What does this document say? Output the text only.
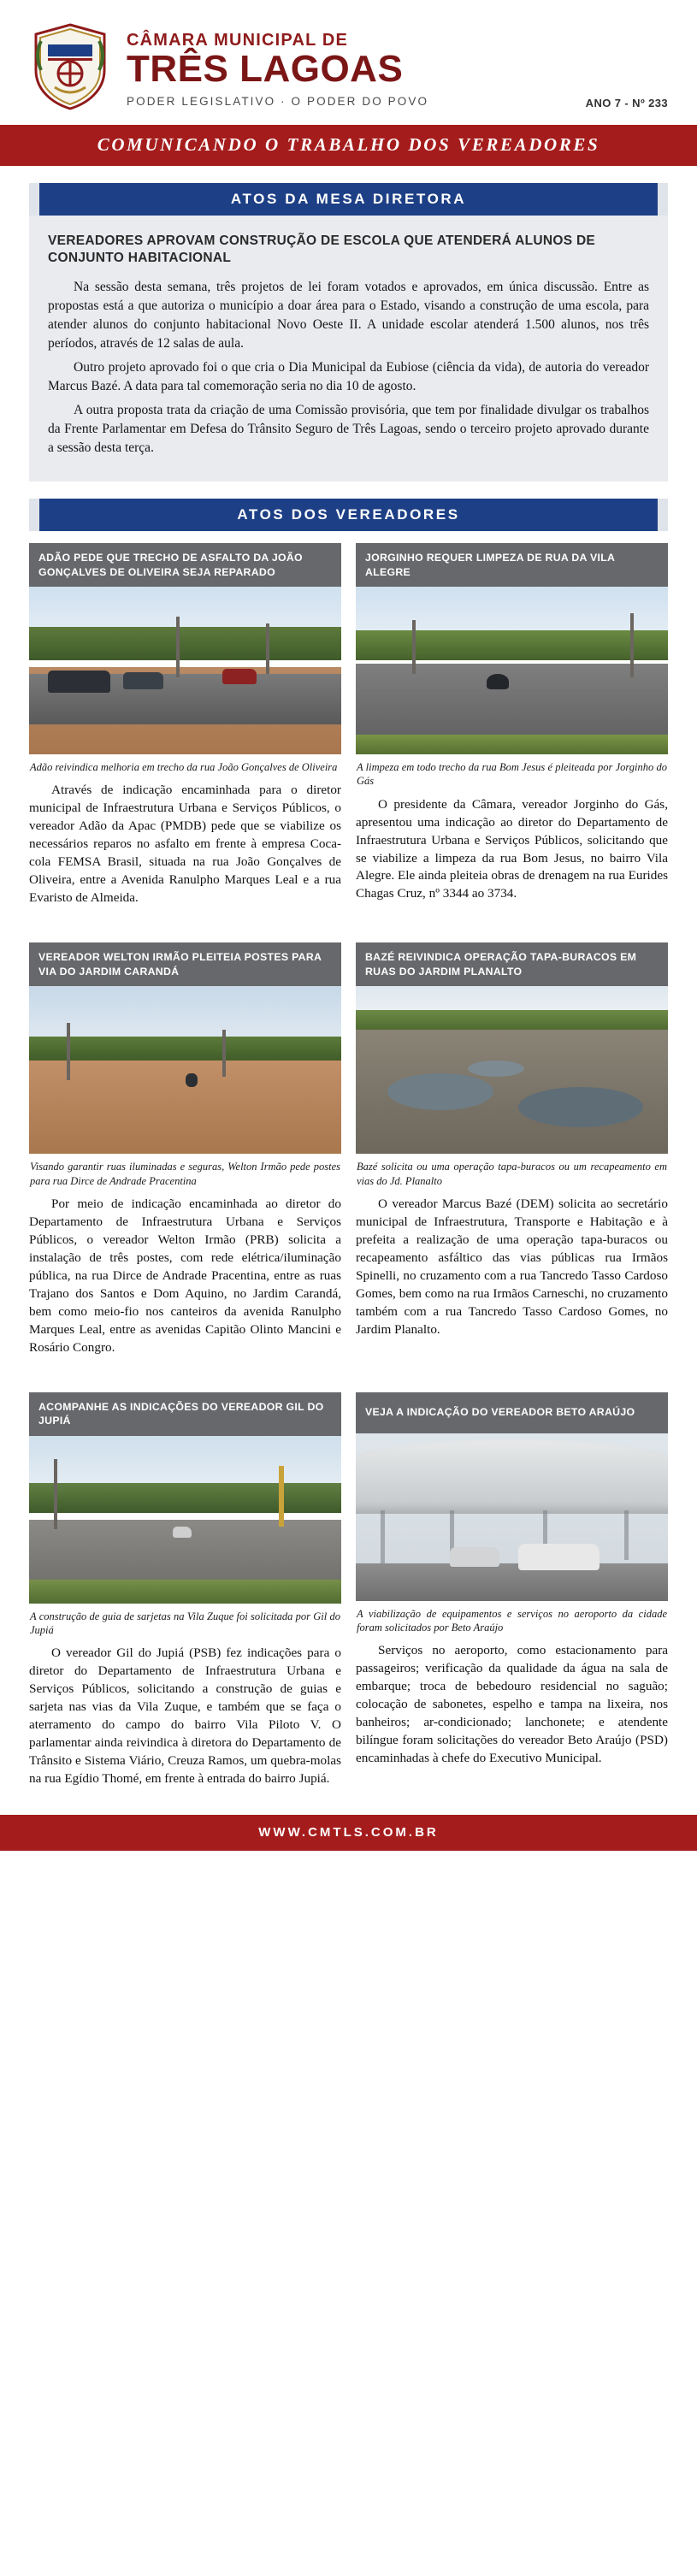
CÂMARA MUNICIPAL DE
TRÊS LAGOAS
PODER LEGISLATIVO · O PODER DO POVO	ANO 7 - Nº 233
COMUNICANDO O TRABALHO DOS VEREADORES
ATOS DA MESA DIRETORA
VEREADORES APROVAM CONSTRUÇÃO DE ESCOLA QUE ATENDERÁ ALUNOS DE CONJUNTO HABITACIONAL

Na sessão desta semana, três projetos de lei foram votados e aprovados, em única discussão. Entre as propostas está a que autoriza o município a doar área para o Estado, visando a construção de uma escola, para atender alunos do conjunto habitacional Novo Oeste II. A unidade escolar atenderá 1.500 alunos, nos três períodos, através de 12 salas de aula.

Outro projeto aprovado foi o que cria o Dia Municipal da Eubiose (ciência da vida), de autoria do vereador Marcus Bazé. A data para tal comemoração seria no dia 10 de agosto.

A outra proposta trata da criação de uma Comissão provisória, que tem por finalidade divulgar os trabalhos da Frente Parlamentar em Defesa do Trânsito Seguro de Três Lagoas, sendo o terceiro projeto aprovado durante a sessão desta terça.

ATOS DOS VEREADORES
ADÃO PEDE QUE TRECHO DE ASFALTO DA JOÃO GONÇALVES DE OLIVEIRA SEJA REPARADO
Adão reivindica melhoria em trecho da rua João Gonçalves de Oliveira

Através de indicação encaminhada para o diretor municipal de Infraestrutura Urbana e Serviços Públicos, o vereador Adão da Apac (PMDB) pede que se viabilize os necessários reparos no asfalto em frente à empresa Coca-cola FEMSA Brasil, situada na rua João Gonçalves de Oliveira, entre a Avenida Ranulpho Marques Leal e a rua Evaristo de Almeida.

JORGINHO REQUER LIMPEZA DE RUA DA VILA ALEGRE
A limpeza em todo trecho da rua Bom Jesus é pleiteada por Jorginho do Gás

O presidente da Câmara, vereador Jorginho do Gás, apresentou uma indicação ao diretor do Departamento de Infraestrutura Urbana e Serviços Públicos, solicitando que se viabilize a limpeza da rua Bom Jesus, no bairro Vila Alegre. Ele ainda pleiteia obras de drenagem na rua Eurides Chagas Cruz, nº 3344 ao 3734.

VEREADOR WELTON IRMÃO PLEITEIA POSTES PARA VIA DO JARDIM CARANDÁ
Visando garantir ruas iluminadas e seguras, Welton Irmão pede postes para rua Dirce de Andrade Pracentina

Por meio de indicação encaminhada ao diretor do Departamento de Infraestrutura Urbana e Serviços Públicos, o vereador Welton Irmão (PRB) solicita a instalação de três postes, com rede elétrica/iluminação pública, na rua Dirce de Andrade Pracentina, entre as ruas Trajano dos Santos e Dom Aquino, no Jardim Carandá, bem como meio-fio nos canteiros da avenida Ranulpho Marques Leal, entre as avenidas Capitão Olinto Mancini e Rosário Congro.

BAZÉ REIVINDICA OPERAÇÃO TAPA-BURACOS EM RUAS DO JARDIM PLANALTO
Bazé solicita ou uma operação tapa-buracos ou um recapeamento em vias do Jd. Planalto

O vereador Marcus Bazé (DEM) solicita ao secretário municipal de Infraestrutura, Transporte e Habitação e à prefeita a realização de uma operação tapa-buracos ou recapeamento asfáltico das vias públicas rua Irmãos Spinelli, no cruzamento com a rua Tancredo Tasso Cardoso Gomes, bem como na rua Irmãos Carneschi, no cruzamento também com a rua Tancredo Tasso Cardoso Gomes, no Jardim Planalto.

ACOMPANHE AS INDICAÇÕES DO VEREADOR GIL DO JUPIÁ
A construção de guia de sarjetas na Vila Zuque foi solicitada por Gil do Jupiá

O vereador Gil do Jupiá (PSB) fez indicações para o diretor do Departamento de Infraestrutura Urbana e Serviços Públicos, solicitando a construção de guias e sarjeta nas vias da Vila Zuque, e também que se faça o aterramento do campo do bairro Vila Piloto V. O parlamentar ainda reivindica à diretora do Departamento de Trânsito e Sistema Viário, Creuza Ramos, um quebra-molas na rua Egídio Thomé, em frente à entrada do bairro Jupiá.

VEJA A INDICAÇÃO DO VEREADOR BETO ARAÚJO
A viabilização de equipamentos e serviços no aeroporto da cidade foram solicitados por Beto Araújo

Serviços no aeroporto, como estacionamento para passageiros; verificação da qualidade da água na sala de embarque; troca de bebedouro residencial no saguão; colocação de sabonetes, espelho e tampa na lixeira, nos banheiros; ar-condicionado; lanchonete; e atendente bilíngue foram solicitações do vereador Beto Araújo (PSD) encaminhadas à chefe do Executivo Municipal.

WWW.CMTLS.COM.BR
